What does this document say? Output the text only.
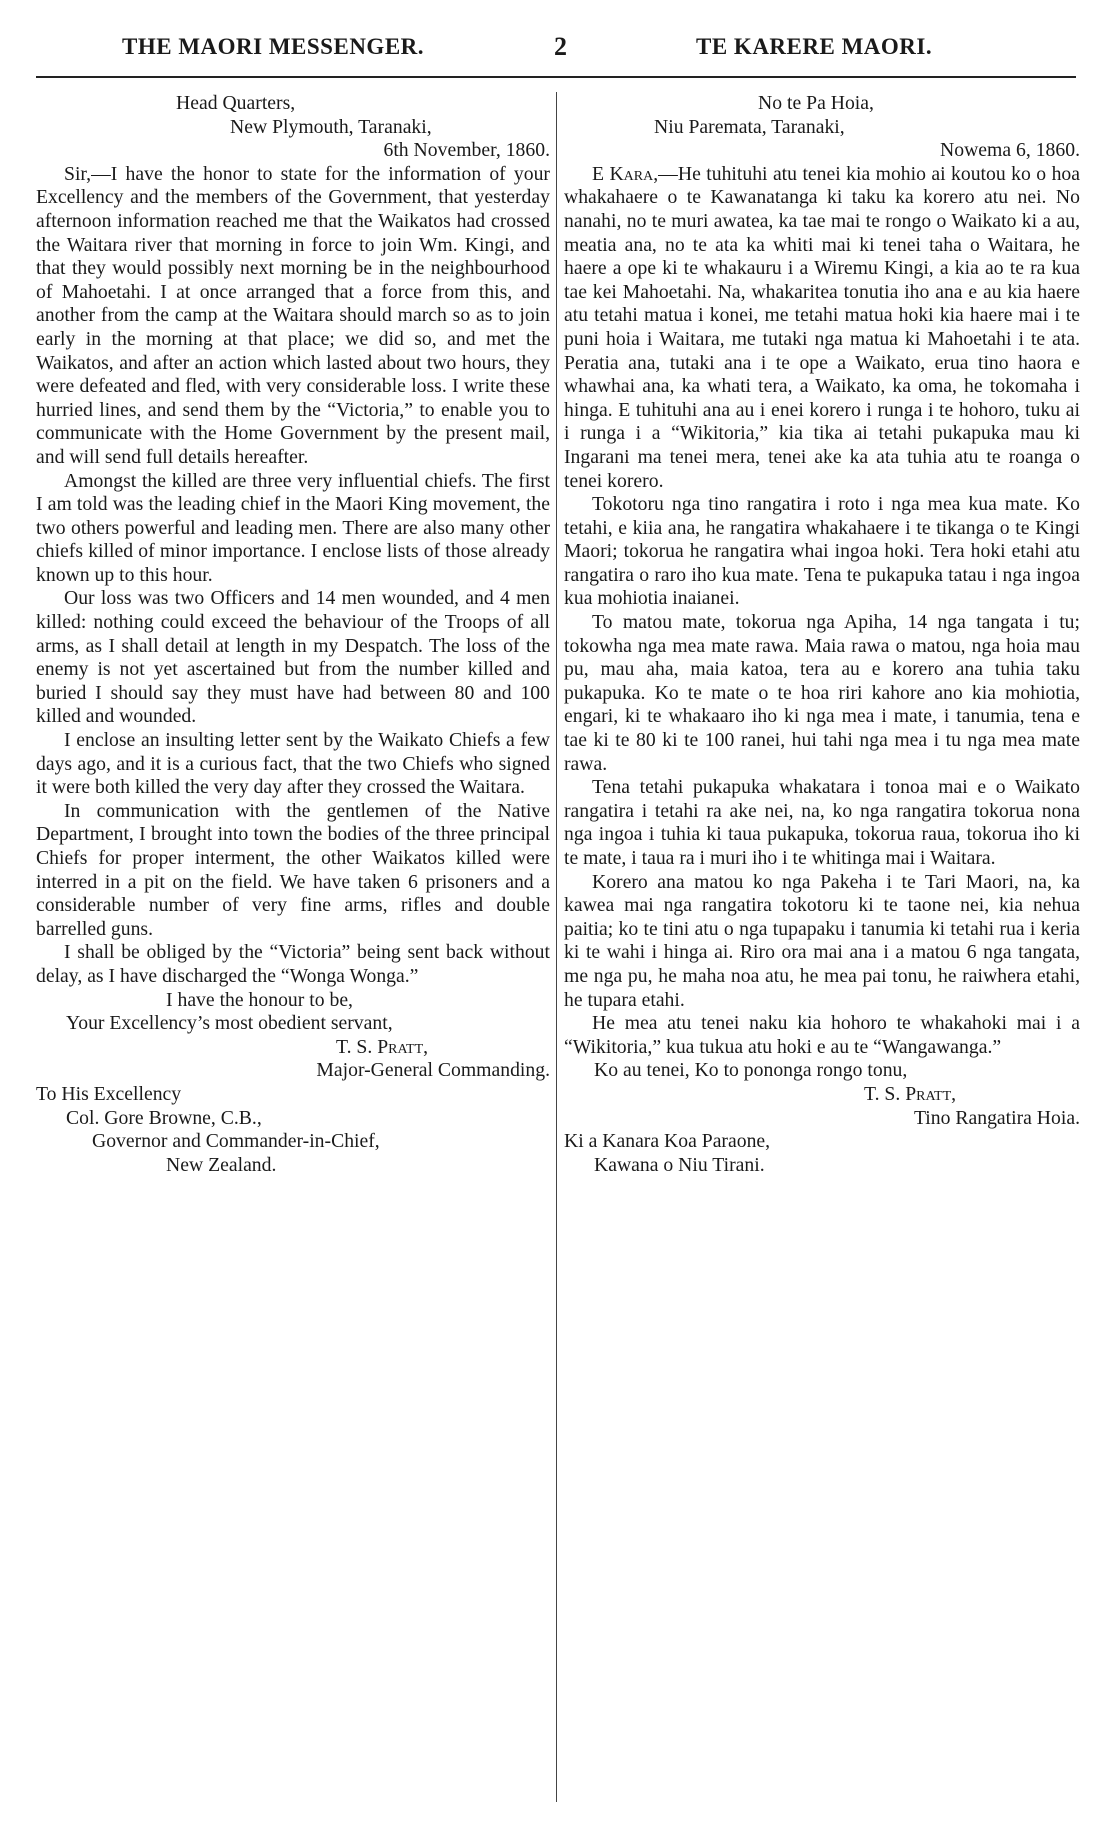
THE MAORI MESSENGER.	2	TE KARERE MAORI.

Head Quarters,

New Plymouth, Taranaki,

6th November, 1860.

Sir,—I have the honor to state for the information of your Excellency and the members of the Government, that yesterday afternoon information reached me that the Waikatos had crossed the Waitara river that morning in force to join Wm. Kingi, and that they would possibly next morning be in the neighbourhood of Mahoetahi. I at once arranged that a force from this, and another from the camp at the Waitara should march so as to join early in the morning at that place; we did so, and met the Waikatos, and after an action which lasted about two hours, they were defeated and fled, with very considerable loss. I write these hurried lines, and send them by the “Victoria,” to enable you to communicate with the Home Government by the present mail, and will send full details hereafter.

Amongst the killed are three very influential chiefs. The first I am told was the leading chief in the Maori King movement, the two others powerful and leading men. There are also many other chiefs killed of minor importance. I enclose lists of those already known up to this hour.

Our loss was two Officers and 14 men wounded, and 4 men killed: nothing could exceed the behaviour of the Troops of all arms, as I shall detail at length in my Despatch. The loss of the enemy is not yet ascertained but from the number killed and buried I should say they must have had between 80 and 100 killed and wounded.

I enclose an insulting letter sent by the Waikato Chiefs a few days ago, and it is a curious fact, that the two Chiefs who signed it were both killed the very day after they crossed the Waitara.

In communication with the gentlemen of the Native Department, I brought into town the bodies of the three principal Chiefs for proper interment, the other Waikatos killed were interred in a pit on the field. We have taken 6 prisoners and a considerable number of very fine arms, rifles and double barrelled guns.

I shall be obliged by the “Victoria” being sent back without delay, as I have discharged the “Wonga Wonga.”

I have the honour to be,

Your Excellency’s most obedient servant,

T. S. Pratt,

Major-General Commanding.

To His Excellency

Col. Gore Browne, C.B.,

Governor and Commander-in-Chief,

New Zealand.

No te Pa Hoia,

Niu Paremata, Taranaki,

Nowema 6, 1860.

E Kara,—He tuhituhi atu tenei kia mohio ai koutou ko o hoa whakahaere o te Kawanatanga ki taku ka korero atu nei. No nanahi, no te muri awatea, ka tae mai te rongo o Waikato ki a au, meatia ana, no te ata ka whiti mai ki tenei taha o Waitara, he haere a ope ki te whakauru i a Wiremu Kingi, a kia ao te ra kua tae kei Mahoetahi. Na, whakaritea tonutia iho ana e au kia haere atu tetahi matua i konei, me tetahi matua hoki kia haere mai i te puni hoia i Waitara, me tutaki nga matua ki Mahoetahi i te ata. Peratia ana, tutaki ana i te ope a Waikato, erua tino haora e whawhai ana, ka whati tera, a Waikato, ka oma, he tokomaha i hinga. E tuhituhi ana au i enei korero i runga i te hohoro, tuku ai i runga i a “Wikitoria,” kia tika ai tetahi pukapuka mau ki Ingarani ma tenei mera, tenei ake ka ata tuhia atu te roanga o tenei korero.

Tokotoru nga tino rangatira i roto i nga mea kua mate. Ko tetahi, e kiia ana, he rangatira whakahaere i te tikanga o te Kingi Maori; tokorua he rangatira whai ingoa hoki. Tera hoki etahi atu rangatira o raro iho kua mate. Tena te pukapuka tatau i nga ingoa kua mohiotia inaianei.

To matou mate, tokorua nga Apiha, 14 nga tangata i tu; tokowha nga mea mate rawa. Maia rawa o matou, nga hoia mau pu, mau aha, maia katoa, tera au e korero ana tuhia taku pukapuka. Ko te mate o te hoa riri kahore ano kia mohiotia, engari, ki te whakaaro iho ki nga mea i mate, i tanumia, tena e tae ki te 80 ki te 100 ranei, hui tahi nga mea i tu nga mea mate rawa.

Tena tetahi pukapuka whakatara i tonoa mai e o Waikato rangatira i tetahi ra ake nei, na, ko nga rangatira tokorua nona nga ingoa i tuhia ki taua pukapuka, tokorua raua, tokorua iho ki te mate, i taua ra i muri iho i te whitinga mai i Waitara.

Korero ana matou ko nga Pakeha i te Tari Maori, na, ka kawea mai nga rangatira tokotoru ki te taone nei, kia nehua paitia; ko te tini atu o nga tupapaku i tanumia ki tetahi rua i keria ki te wahi i hinga ai. Riro ora mai ana i a matou 6 nga tangata, me nga pu, he maha noa atu, he mea pai tonu, he raiwhera etahi, he tupara etahi.

He mea atu tenei naku kia hohoro te whakahoki mai i a “Wikitoria,” kua tukua atu hoki e au te “Wangawanga.”

Ko au tenei, Ko to pononga rongo tonu,

T. S. Pratt,

Tino Rangatira Hoia.

Ki a Kanara Koa Paraone,

Kawana o Niu Tirani.
